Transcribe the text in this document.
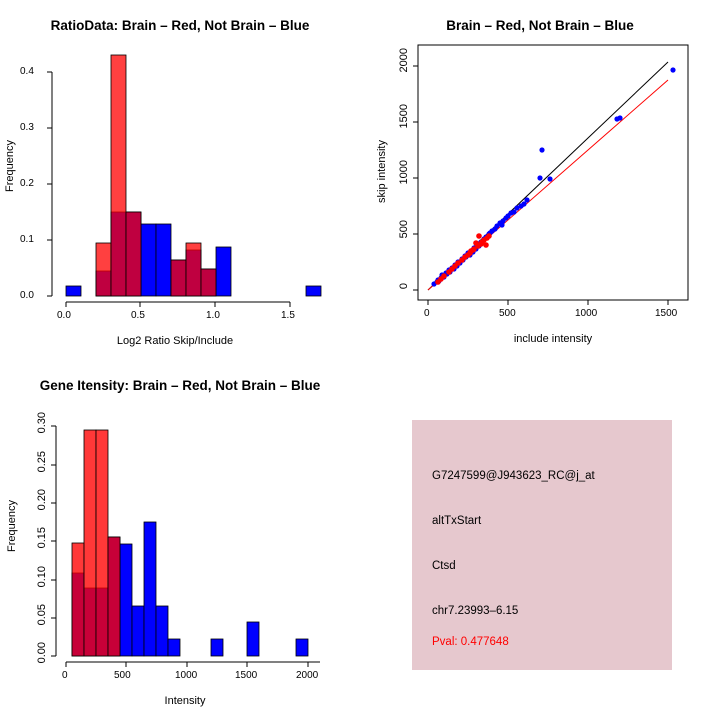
RatioData: Brain – Red, Not Brain – Blue
0.0	0.5	1.0	1.5
0.0
0.1
0.2
0.3
0.4
Log2 Ratio Skip/Include
Frequency
Brain – Red, Not Brain – Blue
0	500	1000	1500
0
500
1000
1500
2000
include intensity
skip intensity
Gene Itensity: Brain – Red, Not Brain – Blue
0	500	1000	1500	2000
0.00
0.05
0.10
0.15
0.20
0.25
0.30
Intensity
Frequency
G7247599@J943623_RC@j_at
altTxStart
Ctsd
chr7.23993–6.15
Pval: 0.477648
